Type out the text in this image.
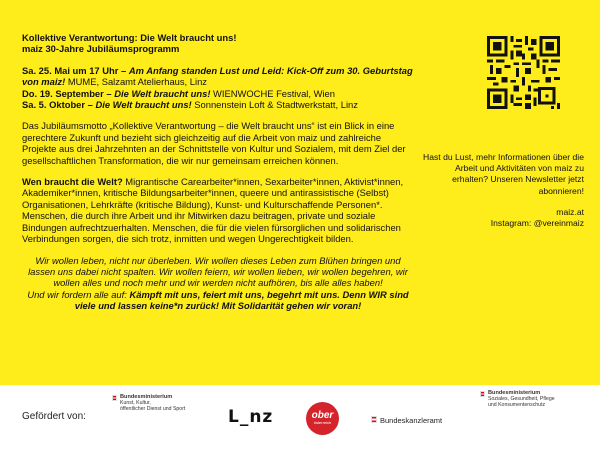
Kollektive Verantwortung: Die Welt braucht uns!
maiz 30-Jahre Jubiläumsprogramm

Sa. 25. Mai um 17 Uhr – Am Anfang standen Lust und Leid: Kick-Off zum 30. Geburtstag von maiz! MUME, Salzamt Atelierhaus, Linz
Do. 19. September – Die Welt braucht uns! WIENWOCHE Festival, Wien
Sa. 5. Oktober – Die Welt braucht uns! Sonnenstein Loft & Stadtwerkstatt, Linz

Das Jubiläumsmotto „Kollektive Verantwortung – die Welt braucht uns“ ist ein Blick in eine gerechtere Zukunft und bezieht sich gleichzeitig auf die Arbeit von maiz und zahlreiche Projekte aus drei Jahrzehnten an der Schnittstelle von Kultur und Sozialem, mit dem Ziel der gesellschaftlichen Transformation, die wir nur gemeinsam erreichen können.

Wen braucht die Welt? Migrantische Carearbeiter*innen, Sexarbeiter*innen, Aktivist*innen, Akademiker*innen, kritische Bildungsarbeiter*innen, queere und antirassistische (Selbst) Organisationen, Lehrkräfte (kritische Bildung), Kunst- und Kulturschaffende Personen*. Menschen, die durch ihre Arbeit und ihr Mitwirken dazu beitragen, private und soziale Bindungen aufrechtzuerhalten. Menschen, die für die vielen fürsorglichen und solidarischen Verbindungen sorgen, die sich trotz, inmitten und wegen Ungerechtigkeit bilden.

Wir wollen leben, nicht nur überleben. Wir wollen dieses Leben zum Blühen bringen und lassen uns dabei nicht spalten. Wir wollen feiern, wir wollen lieben, wir wollen begehren, wir wollen alles und noch mehr und wir werden nicht aufhören, bis alle alles haben!
Und wir fordern alle auf: Kämpft mit uns, feiert mit uns, begehrt mit uns. Denn WIR sind viele und lassen keine*n zurück! Mit Solidarität gehen wir voran!

Hast du Lust, mehr Informationen über die Arbeit und Aktivitäten von maiz zu erhalten? Unseren Newsletter jetzt abonnieren!

maiz.at
Instagram: @vereinmaiz
Gefördert von:
Bundesministerium
Kunst, Kultur,
öffentlicher Dienst und Sport	L_nz	ober
österreich	Bundeskanzleramt
Bundesministerium
Soziales, Gesundheit, Pflege
und Konsumentenschutz
